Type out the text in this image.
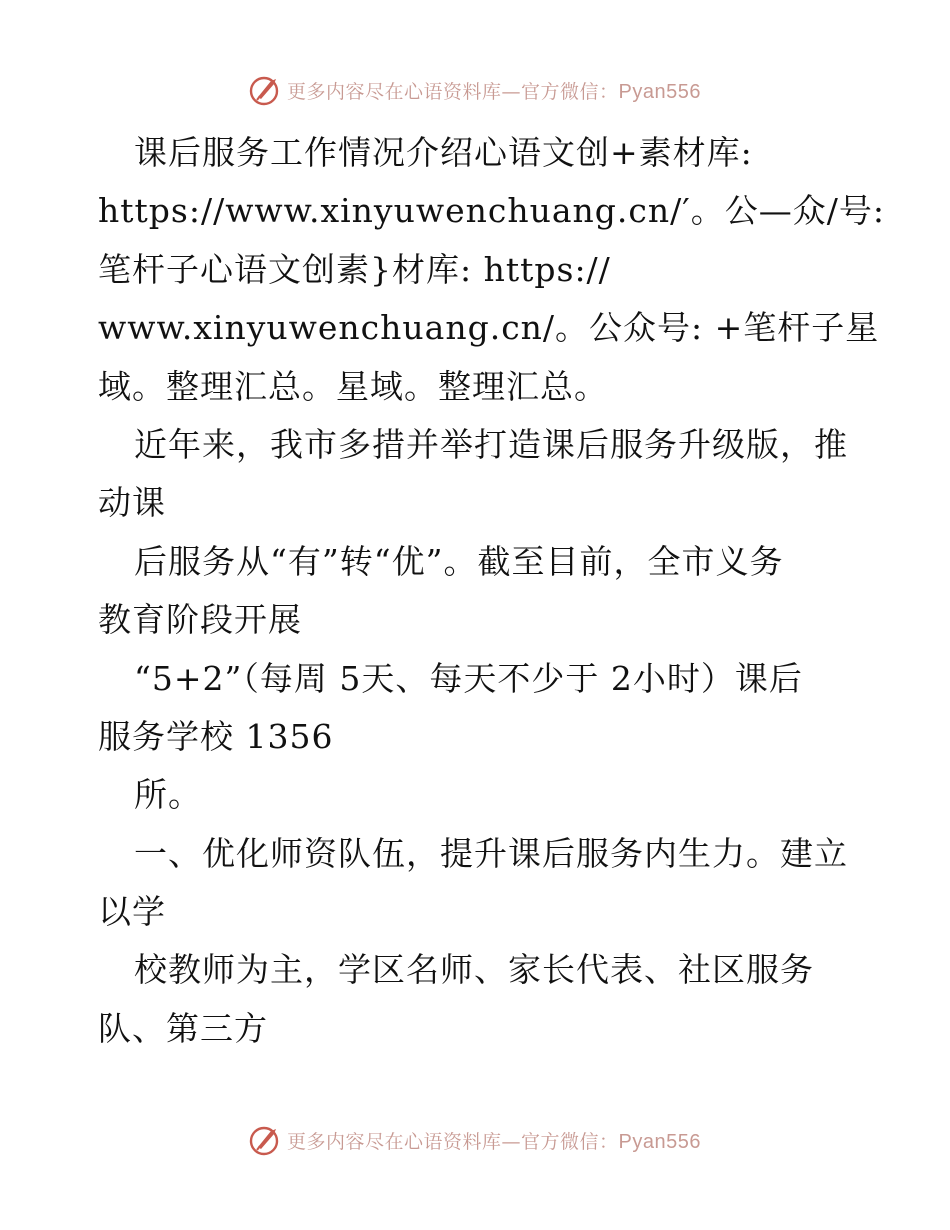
更多内容尽在心语资料库—官方微信：Pyan556
课后服务工作情况介绍心语文创+素材库:
https://www.xinyuwenchuang.cn/′。公—众/号:
笔杆子心语文创素}材库: https://
www.xinyuwenchuang.cn/。公众号: +笔杆子星
域。整理汇总。星域。整理汇总。
近年来，我市多措并举打造课后服务升级版，推
动课
后服务从“有”转“优”。截至目前，全市义务
教育阶段开展
“5+2”（每周 5天、每天不少于 2小时）课后
服务学校 1356
所。
一、优化师资队伍，提升课后服务内生力。建立
以学
校教师为主，学区名师、家长代表、社区服务
队、第三方
更多内容尽在心语资料库—官方微信：Pyan556
